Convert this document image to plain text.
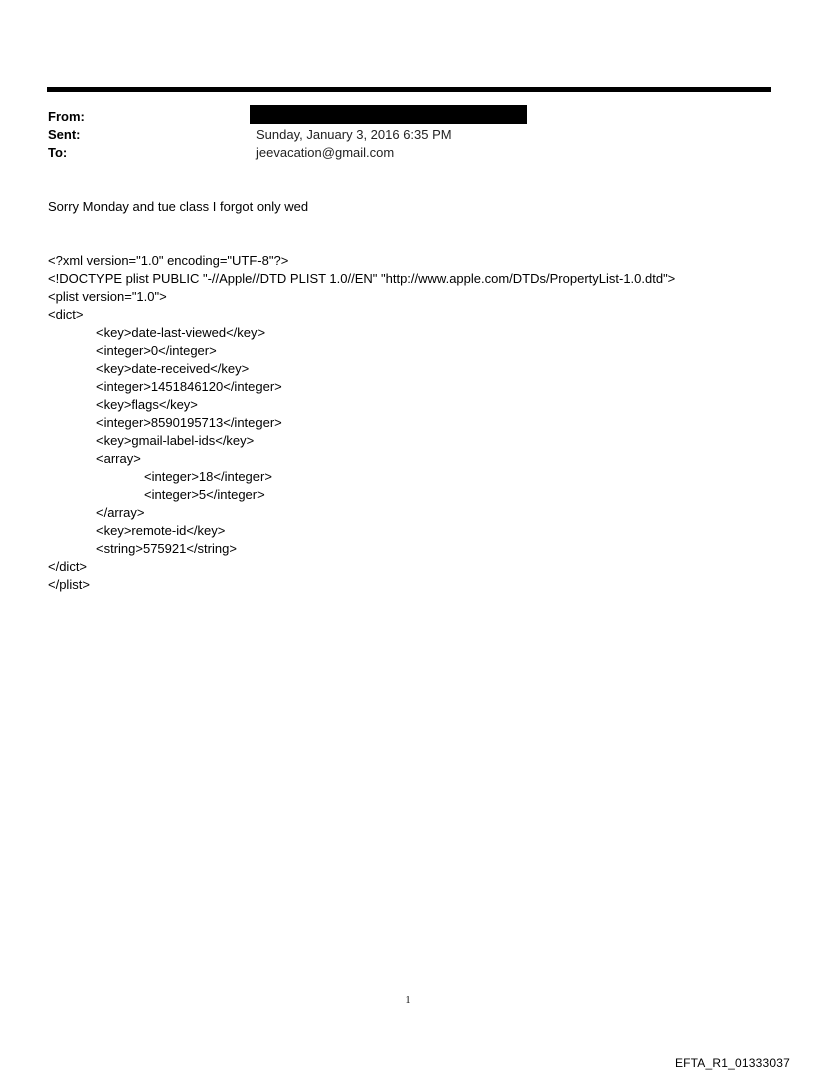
From:
Sent:	Sunday, January 3, 2016 6:35 PM
To:	jeevacation@gmail.com
Sorry Monday and tue class I forgot only wed
<?xml version="1.0" encoding="UTF-8"?>
<!DOCTYPE plist PUBLIC "-//Apple//DTD PLIST 1.0//EN" "http://www.apple.com/DTDs/PropertyList-1.0.dtd">
<plist version="1.0">
<dict>
<key>date-last-viewed</key>
<integer>0</integer>
<key>date-received</key>
<integer>1451846120</integer>
<key>flags</key>
<integer>8590195713</integer>
<key>gmail-label-ids</key>
<array>
<integer>18</integer>
<integer>5</integer>
</array>
<key>remote-id</key>
<string>575921</string>
</dict>
</plist>
1
EFTA_R1_01333037
